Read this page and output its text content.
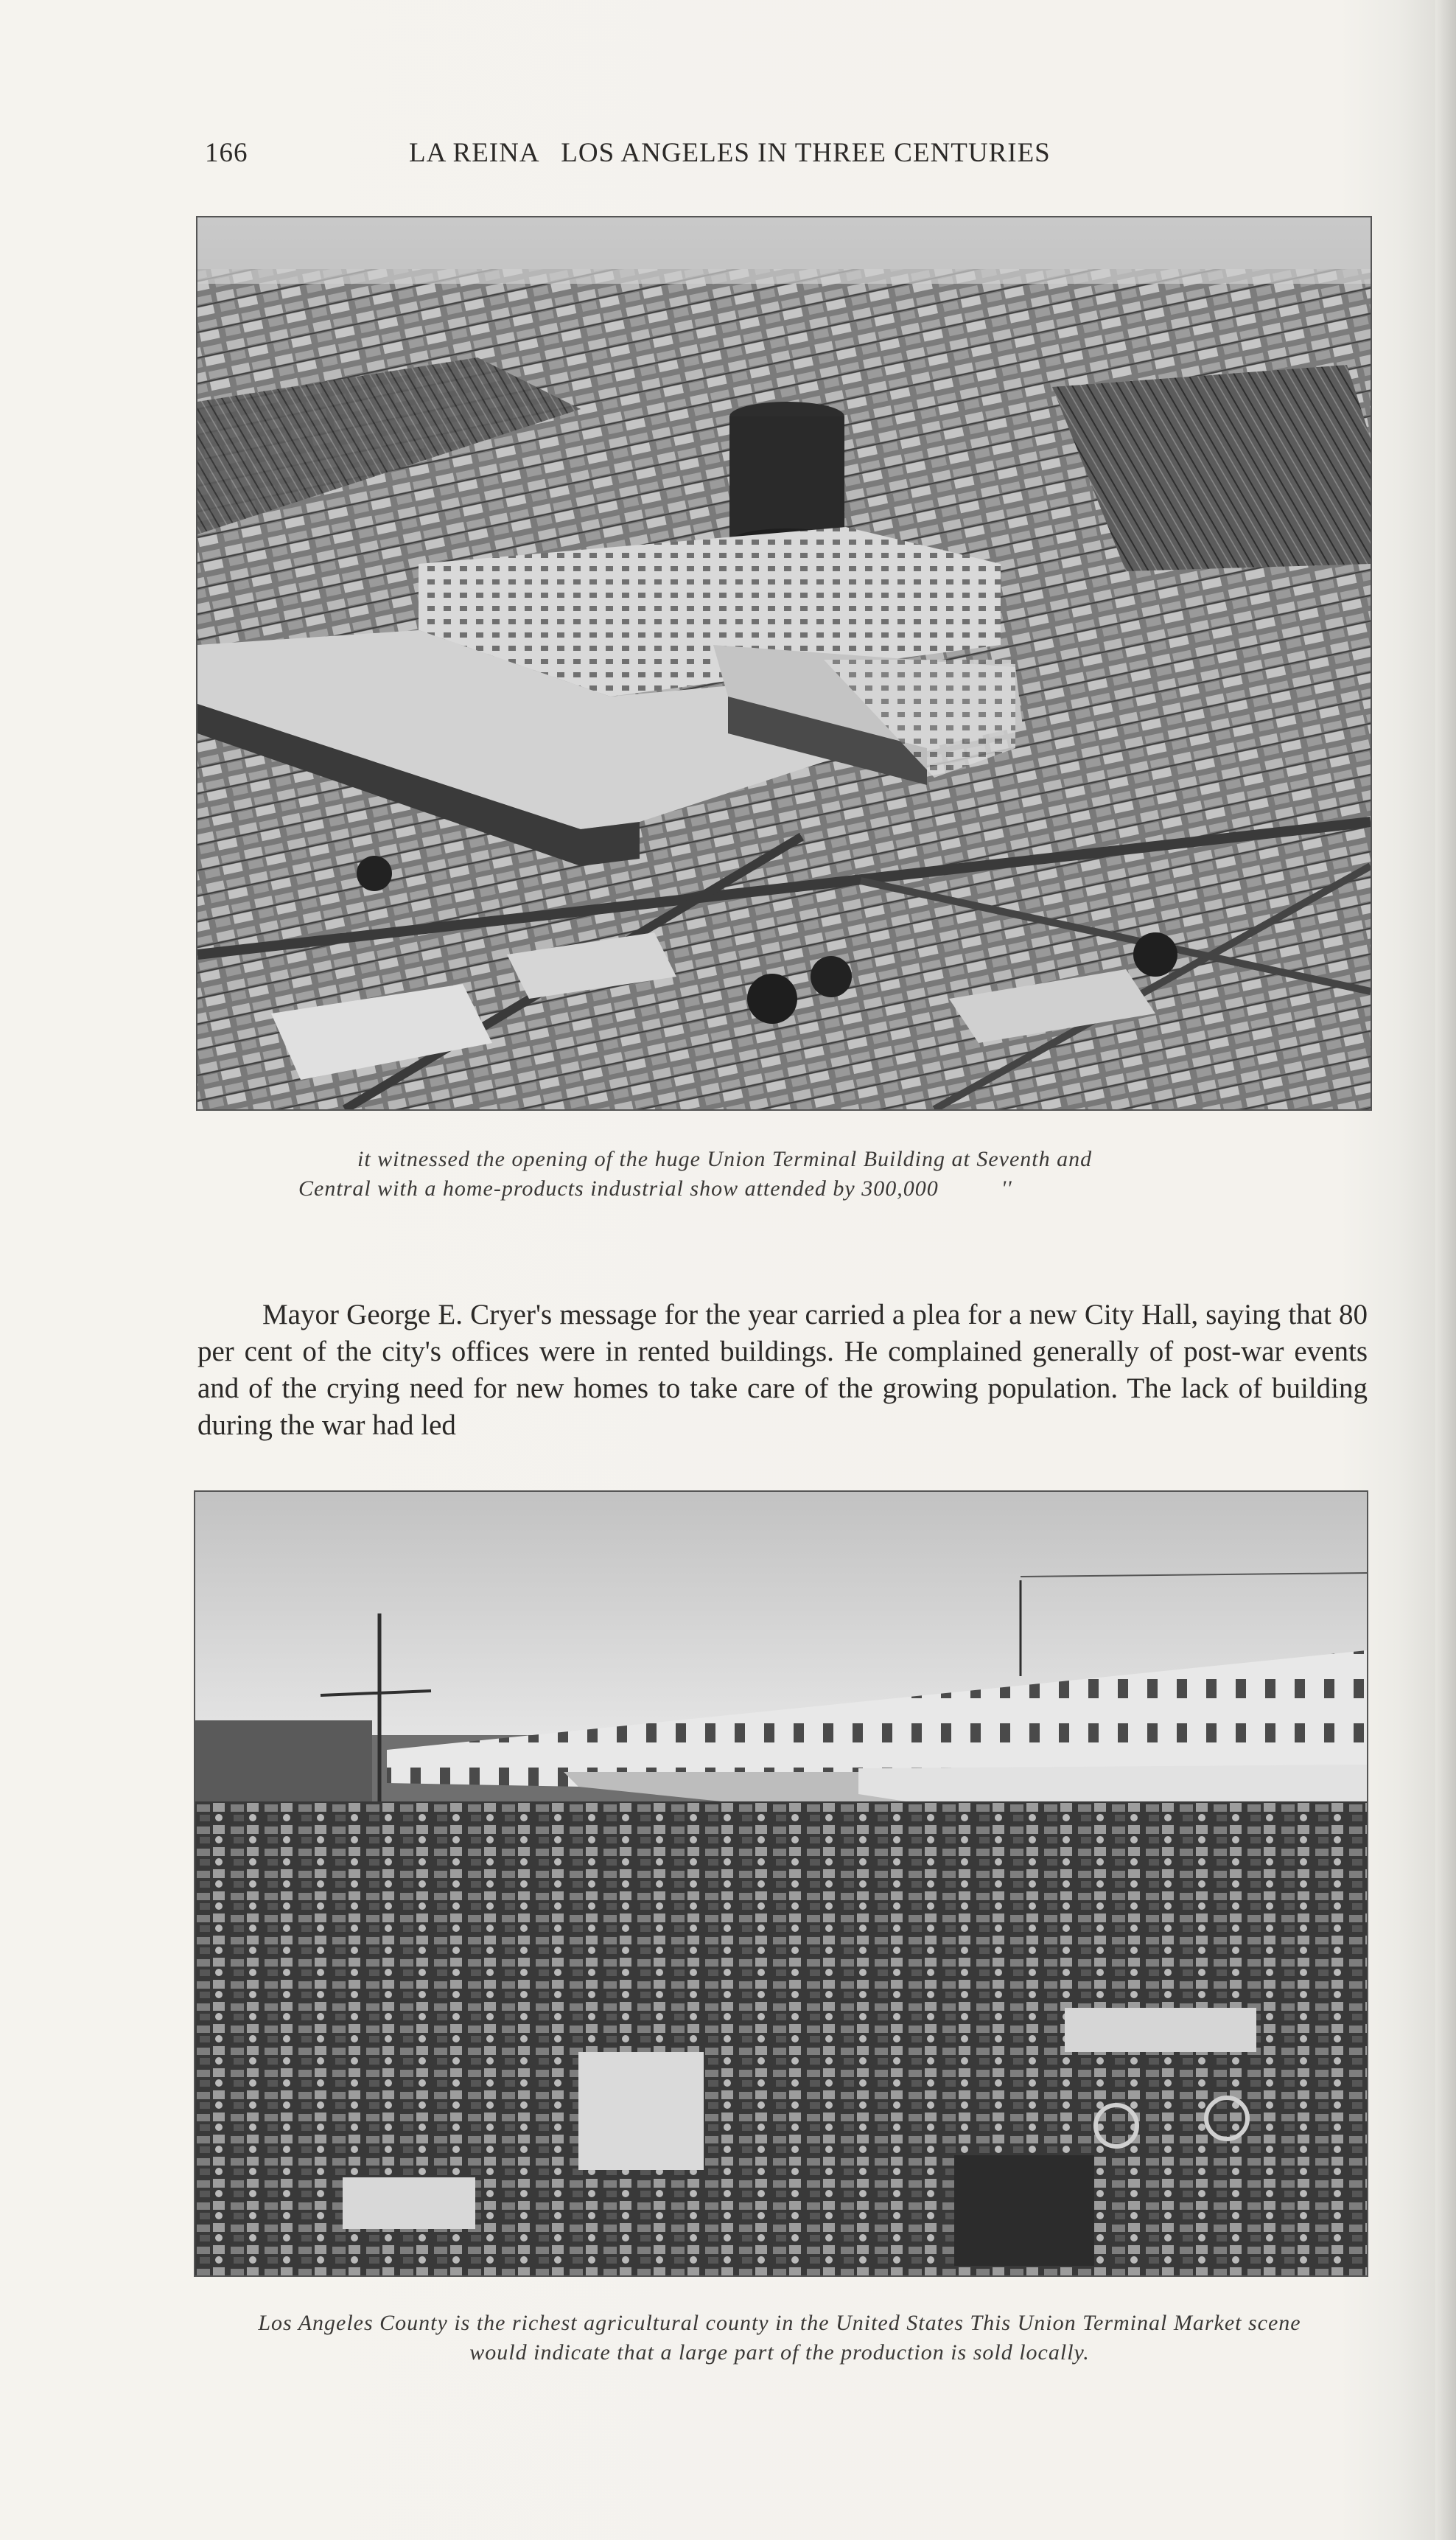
166	LA REINA   LOS ANGELES IN THREE CENTURIES
it witnessed the opening of the huge Union Terminal Building at Seventh and
Central with a home-products industrial show attended by 300,000          ''

Mayor George E. Cryer's message for the year carried a plea for a new City Hall, saying that 80 per cent of the city's offices were in rented buildings. He complained generally of post-war events and of the crying need for new homes to take care of the growing population. The lack of building during the war had led

Los Angeles County is the richest agricultural county in the United States This Union Terminal Market scene would indicate that a large part of the production is sold locally.
